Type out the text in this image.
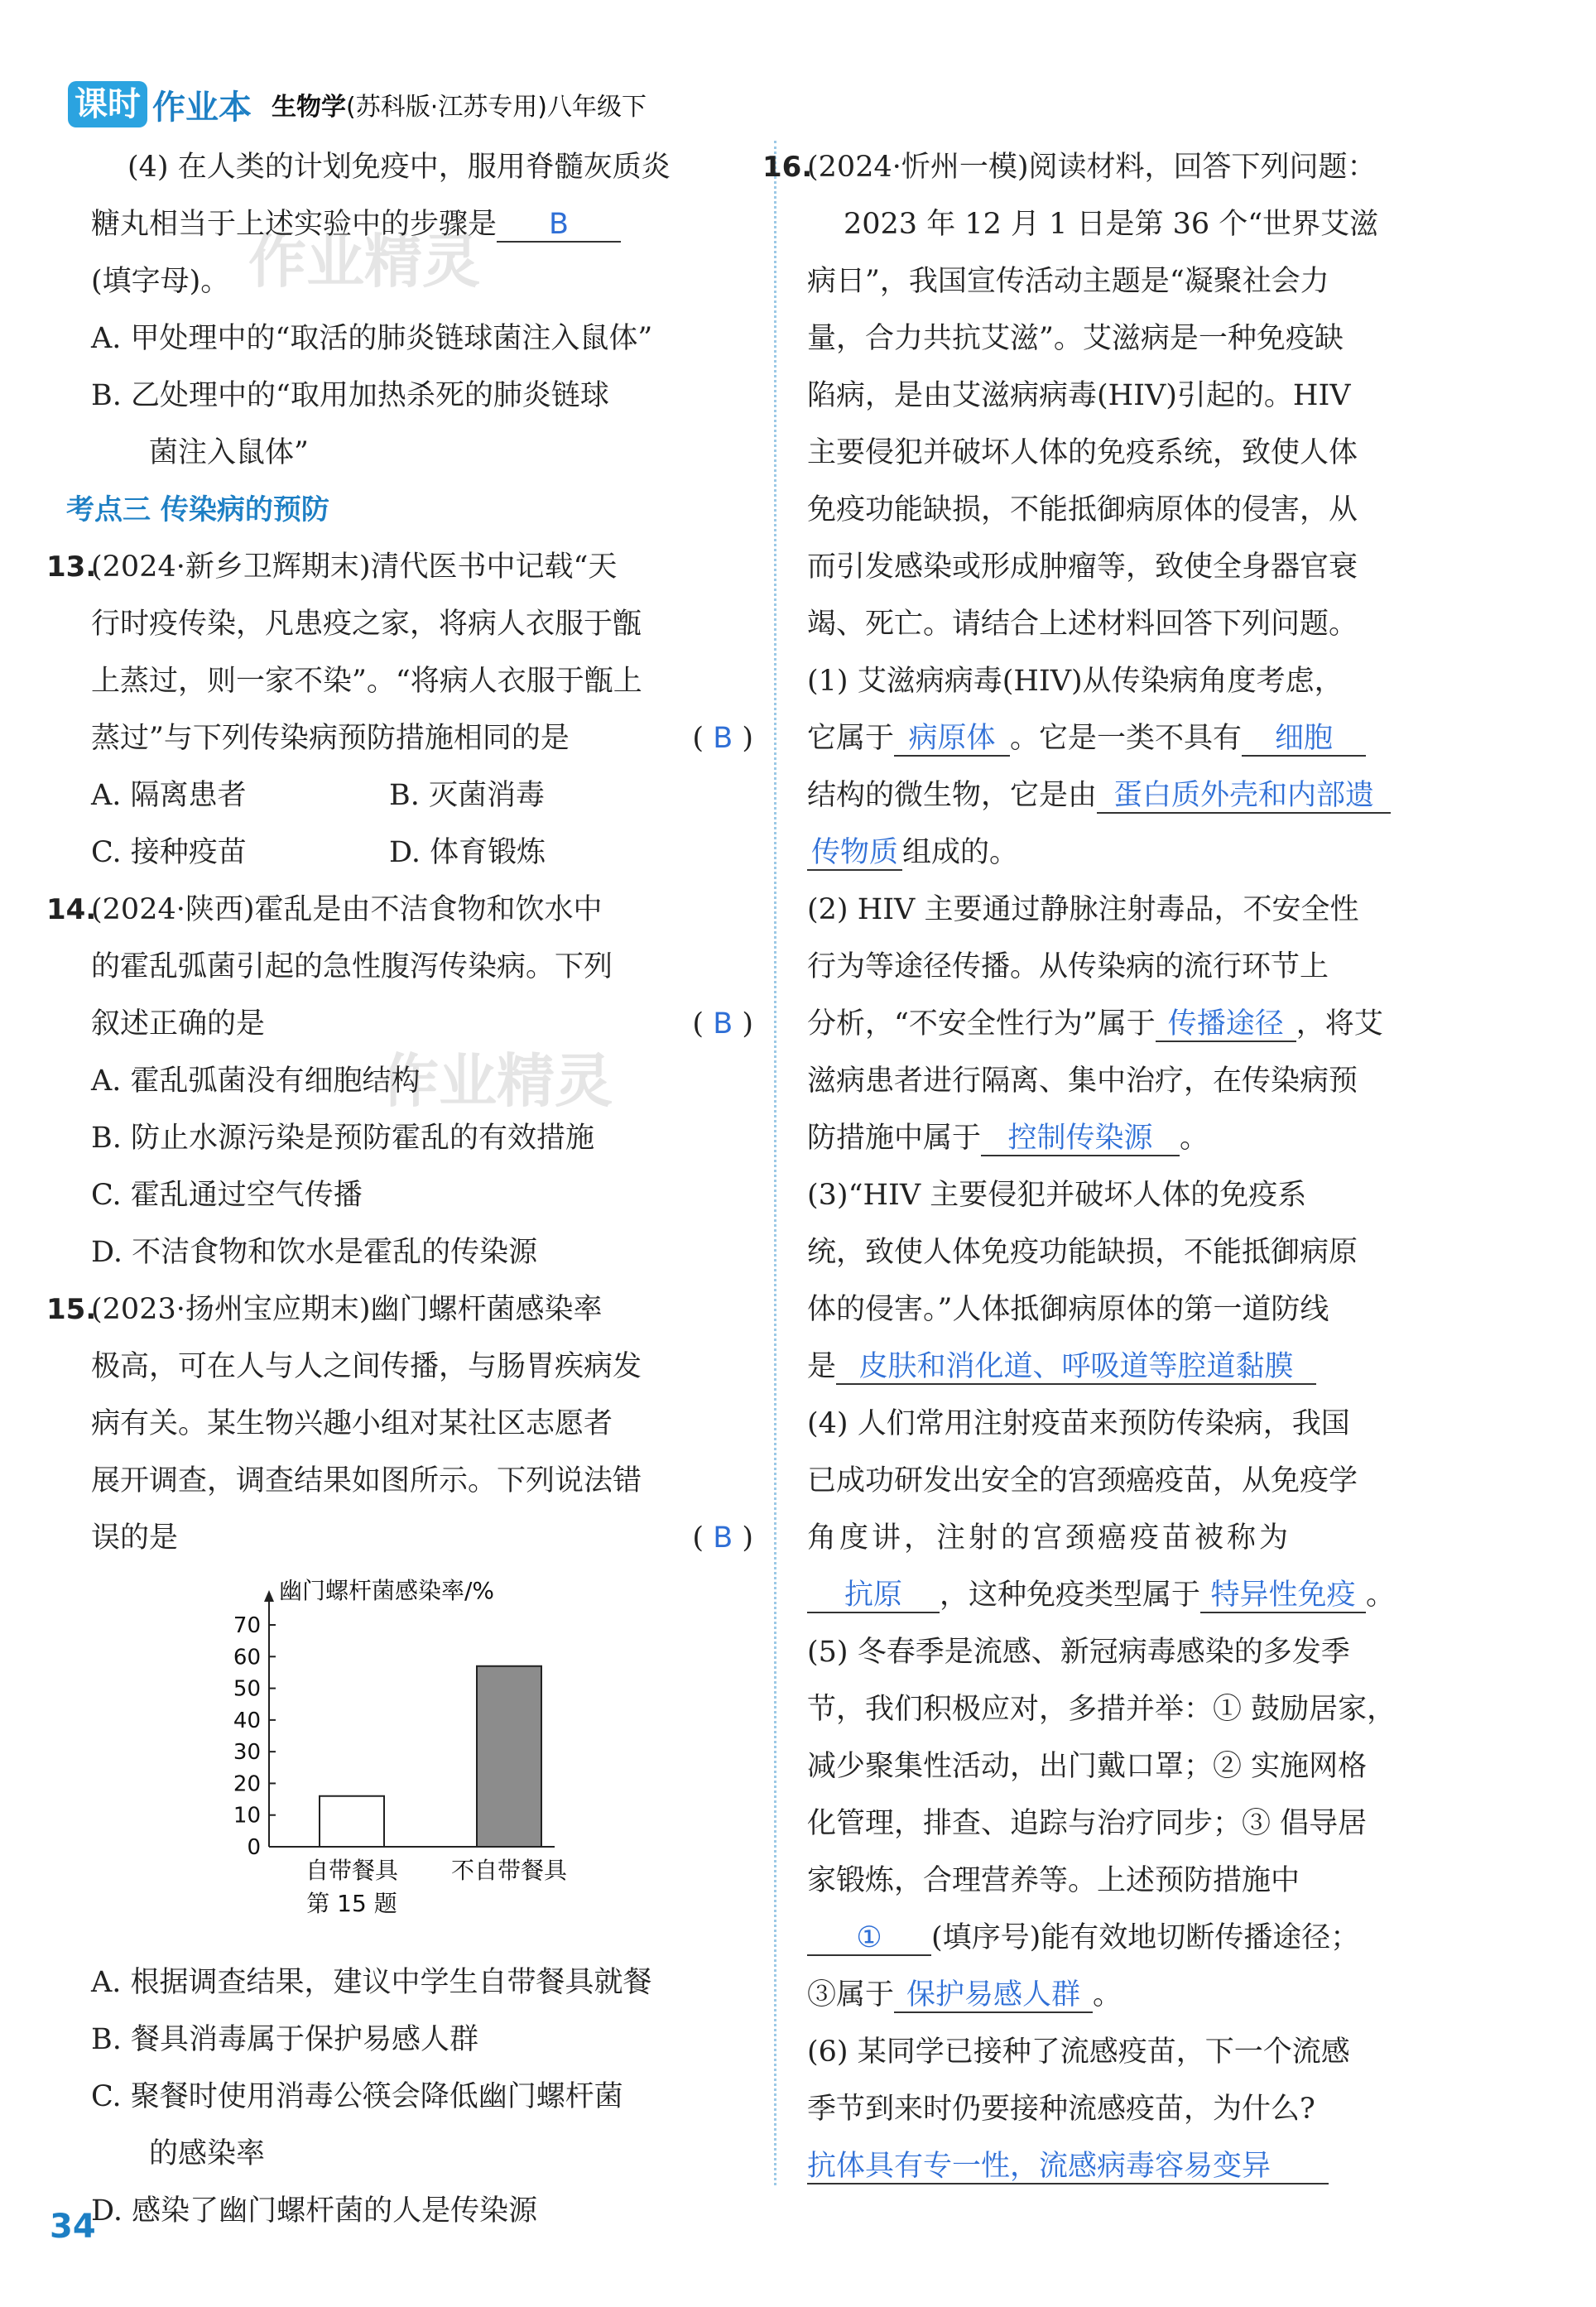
课时 作业本 生物学(苏科版·江苏专用)八年级下
作业精灵
作业精灵
(4) 在人类的计划免疫中，服用脊髓灰质炎
糖丸相当于上述实验中的步骤是 B
(填字母)。
A. 甲处理中的“取活的肺炎链球菌注入鼠体”
B. 乙处理中的“取用加热杀死的肺炎链球
菌注入鼠体”
考点三 传染病的预防
13.(2024·新乡卫辉期末)清代医书中记载“天
行时疫传染，凡患疫之家，将病人衣服于甑
上蒸过，则一家不染”。“将病人衣服于甑上
蒸过”与下列传染病预防措施相同的是	( B )
A. 隔离患者	B. 灭菌消毒
C. 接种疫苗	D. 体育锻炼
14.(2024·陕西)霍乱是由不洁食物和饮水中
的霍乱弧菌引起的急性腹泻传染病。下列
叙述正确的是	( B )
A. 霍乱弧菌没有细胞结构
B. 防止水源污染是预防霍乱的有效措施
C. 霍乱通过空气传播
D. 不洁食物和饮水是霍乱的传染源
15.(2023·扬州宝应期末)幽门螺杆菌感染率
极高，可在人与人之间传播，与肠胃疾病发
病有关。某生物兴趣小组对某社区志愿者
展开调查，调查结果如图所示。下列说法错
误的是	( B )
幽门螺杆菌感染率/%
0
10
20
30
40
50
60
70
自带餐具 不自带餐具
第 15 题
A. 根据调查结果，建议中学生自带餐具就餐
B. 餐具消毒属于保护易感人群
C. 聚餐时使用消毒公筷会降低幽门螺杆菌
的感染率
D. 感染了幽门螺杆菌的人是传染源
16.(2024·忻州一模)阅读材料，回答下列问题：
2023 年 12 月 1 日是第 36 个“世界艾滋
病日”，我国宣传活动主题是“凝聚社会力
量，合力共抗艾滋”。艾滋病是一种免疫缺
陷病，是由艾滋病病毒(HIV)引起的。HIV
主要侵犯并破坏人体的免疫系统，致使人体
免疫功能缺损，不能抵御病原体的侵害，从
而引发感染或形成肿瘤等，致使全身器官衰
竭、死亡。请结合上述材料回答下列问题。
(1) 艾滋病病毒(HIV)从传染病角度考虑，
它属于 病原体 。它是一类不具有 细胞
结构的微生物，它是由 蛋白质外壳和内部遗
传物质 组成的。
(2) HIV 主要通过静脉注射毒品，不安全性
行为等途径传播。从传染病的流行环节上
分析，“不安全性行为”属于 传播途径 ，将艾
滋病患者进行隔离、集中治疗，在传染病预
防措施中属于 控制传染源 。
(3)“HIV 主要侵犯并破坏人体的免疫系
统，致使人体免疫功能缺损，不能抵御病原
体的侵害。”人体抵御病原体的第一道防线
是 皮肤和消化道、呼吸道等腔道黏膜
(4) 人们常用注射疫苗来预防传染病，我国
已成功研发出安全的宫颈癌疫苗，从免疫学
角度讲，注射的宫颈癌疫苗被称为
抗原 ，这种免疫类型属于 特异性免疫 。
(5) 冬春季是流感、新冠病毒感染的多发季
节，我们积极应对，多措并举：① 鼓励居家，
减少聚集性活动，出门戴口罩；② 实施网格
化管理，排查、追踪与治疗同步；③ 倡导居
家锻炼，合理营养等。上述预防措施中
① (填序号)能有效地切断传播途径；
③属于 保护易感人群 。
(6) 某同学已接种了流感疫苗，下一个流感
季节到来时仍要接种流感疫苗，为什么?
抗体具有专一性，流感病毒容易变异
34
